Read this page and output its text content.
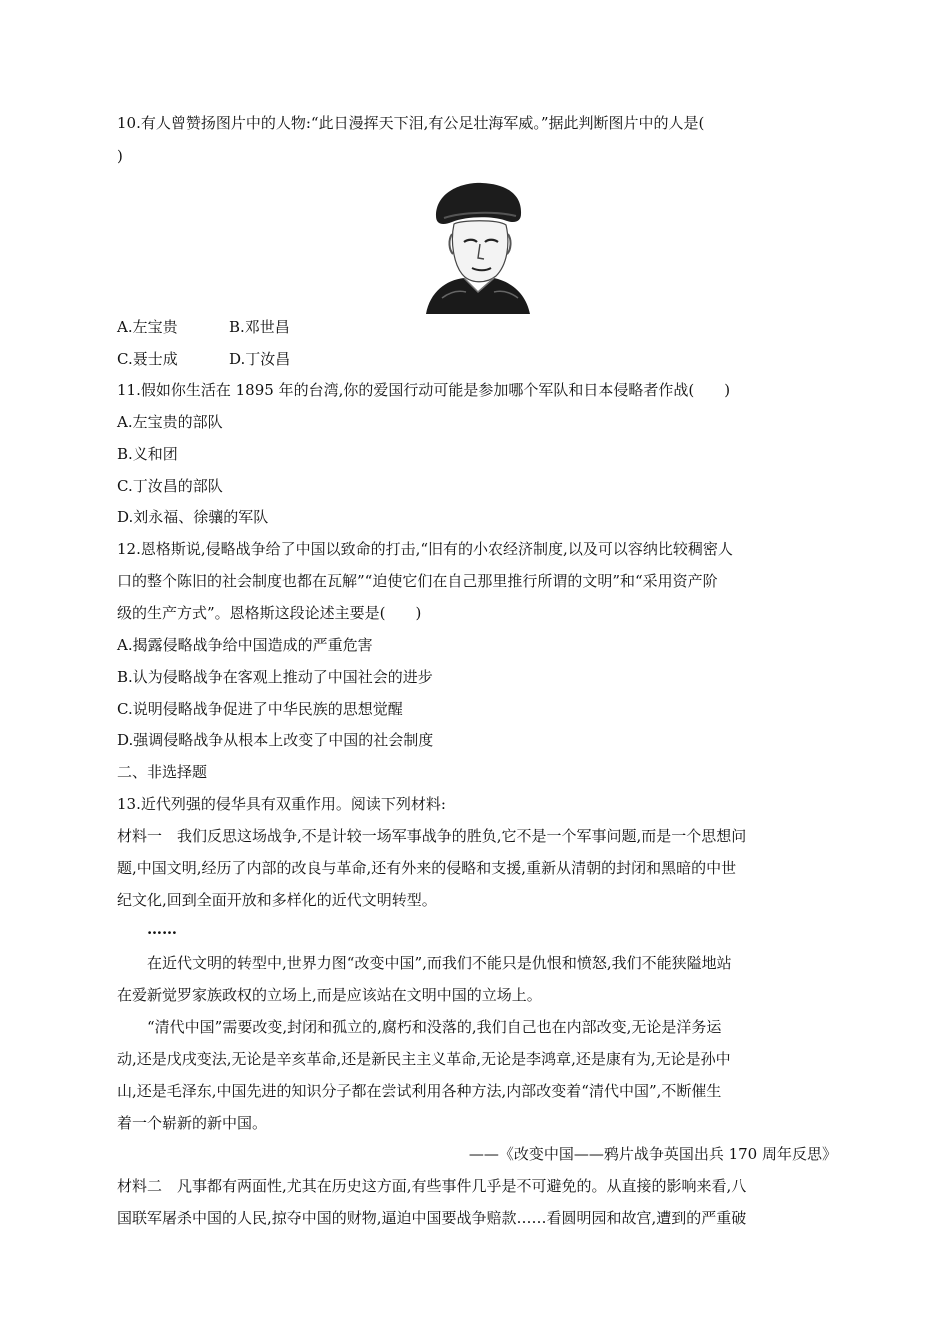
10.有人曾赞扬图片中的人物:“此日漫挥天下泪,有公足壮海军威。”据此判断图片中的人是(
)
A.左宝贵	B.邓世昌
C.聂士成	D.丁汝昌
11.假如你生活在 1895 年的台湾,你的爱国行动可能是参加哪个军队和日本侵略者作战(　　)
A.左宝贵的部队
B.义和团
C.丁汝昌的部队
D.刘永福、徐骧的军队
12.恩格斯说,侵略战争给了中国以致命的打击,“旧有的小农经济制度,以及可以容纳比较稠密人
口的整个陈旧的社会制度也都在瓦解”“迫使它们在自己那里推行所谓的文明”和“采用资产阶
级的生产方式”。恩格斯这段论述主要是(　　)
A.揭露侵略战争给中国造成的严重危害
B.认为侵略战争在客观上推动了中国社会的进步
C.说明侵略战争促进了中华民族的思想觉醒
D.强调侵略战争从根本上改变了中国的社会制度
二、非选择题
13.近代列强的侵华具有双重作用。阅读下列材料:
材料一　我们反思这场战争,不是计较一场军事战争的胜负,它不是一个军事问题,而是一个思想问
题,中国文明,经历了内部的改良与革命,还有外来的侵略和支援,重新从清朝的封闭和黑暗的中世
纪文化,回到全面开放和多样化的近代文明转型。
……
在近代文明的转型中,世界力图“改变中国”,而我们不能只是仇恨和愤怒,我们不能狭隘地站
在爱新觉罗家族政权的立场上,而是应该站在文明中国的立场上。
“清代中国”需要改变,封闭和孤立的,腐朽和没落的,我们自己也在内部改变,无论是洋务运
动,还是戊戌变法,无论是辛亥革命,还是新民主主义革命,无论是李鸿章,还是康有为,无论是孙中
山,还是毛泽东,中国先进的知识分子都在尝试利用各种方法,内部改变着“清代中国”,不断催生
着一个崭新的新中国。
——《改变中国——鸦片战争英国出兵 170 周年反思》
材料二　凡事都有两面性,尤其在历史这方面,有些事件几乎是不可避免的。从直接的影响来看,八
国联军屠杀中国的人民,掠夺中国的财物,逼迫中国要战争赔款……看圆明园和故宫,遭到的严重破
